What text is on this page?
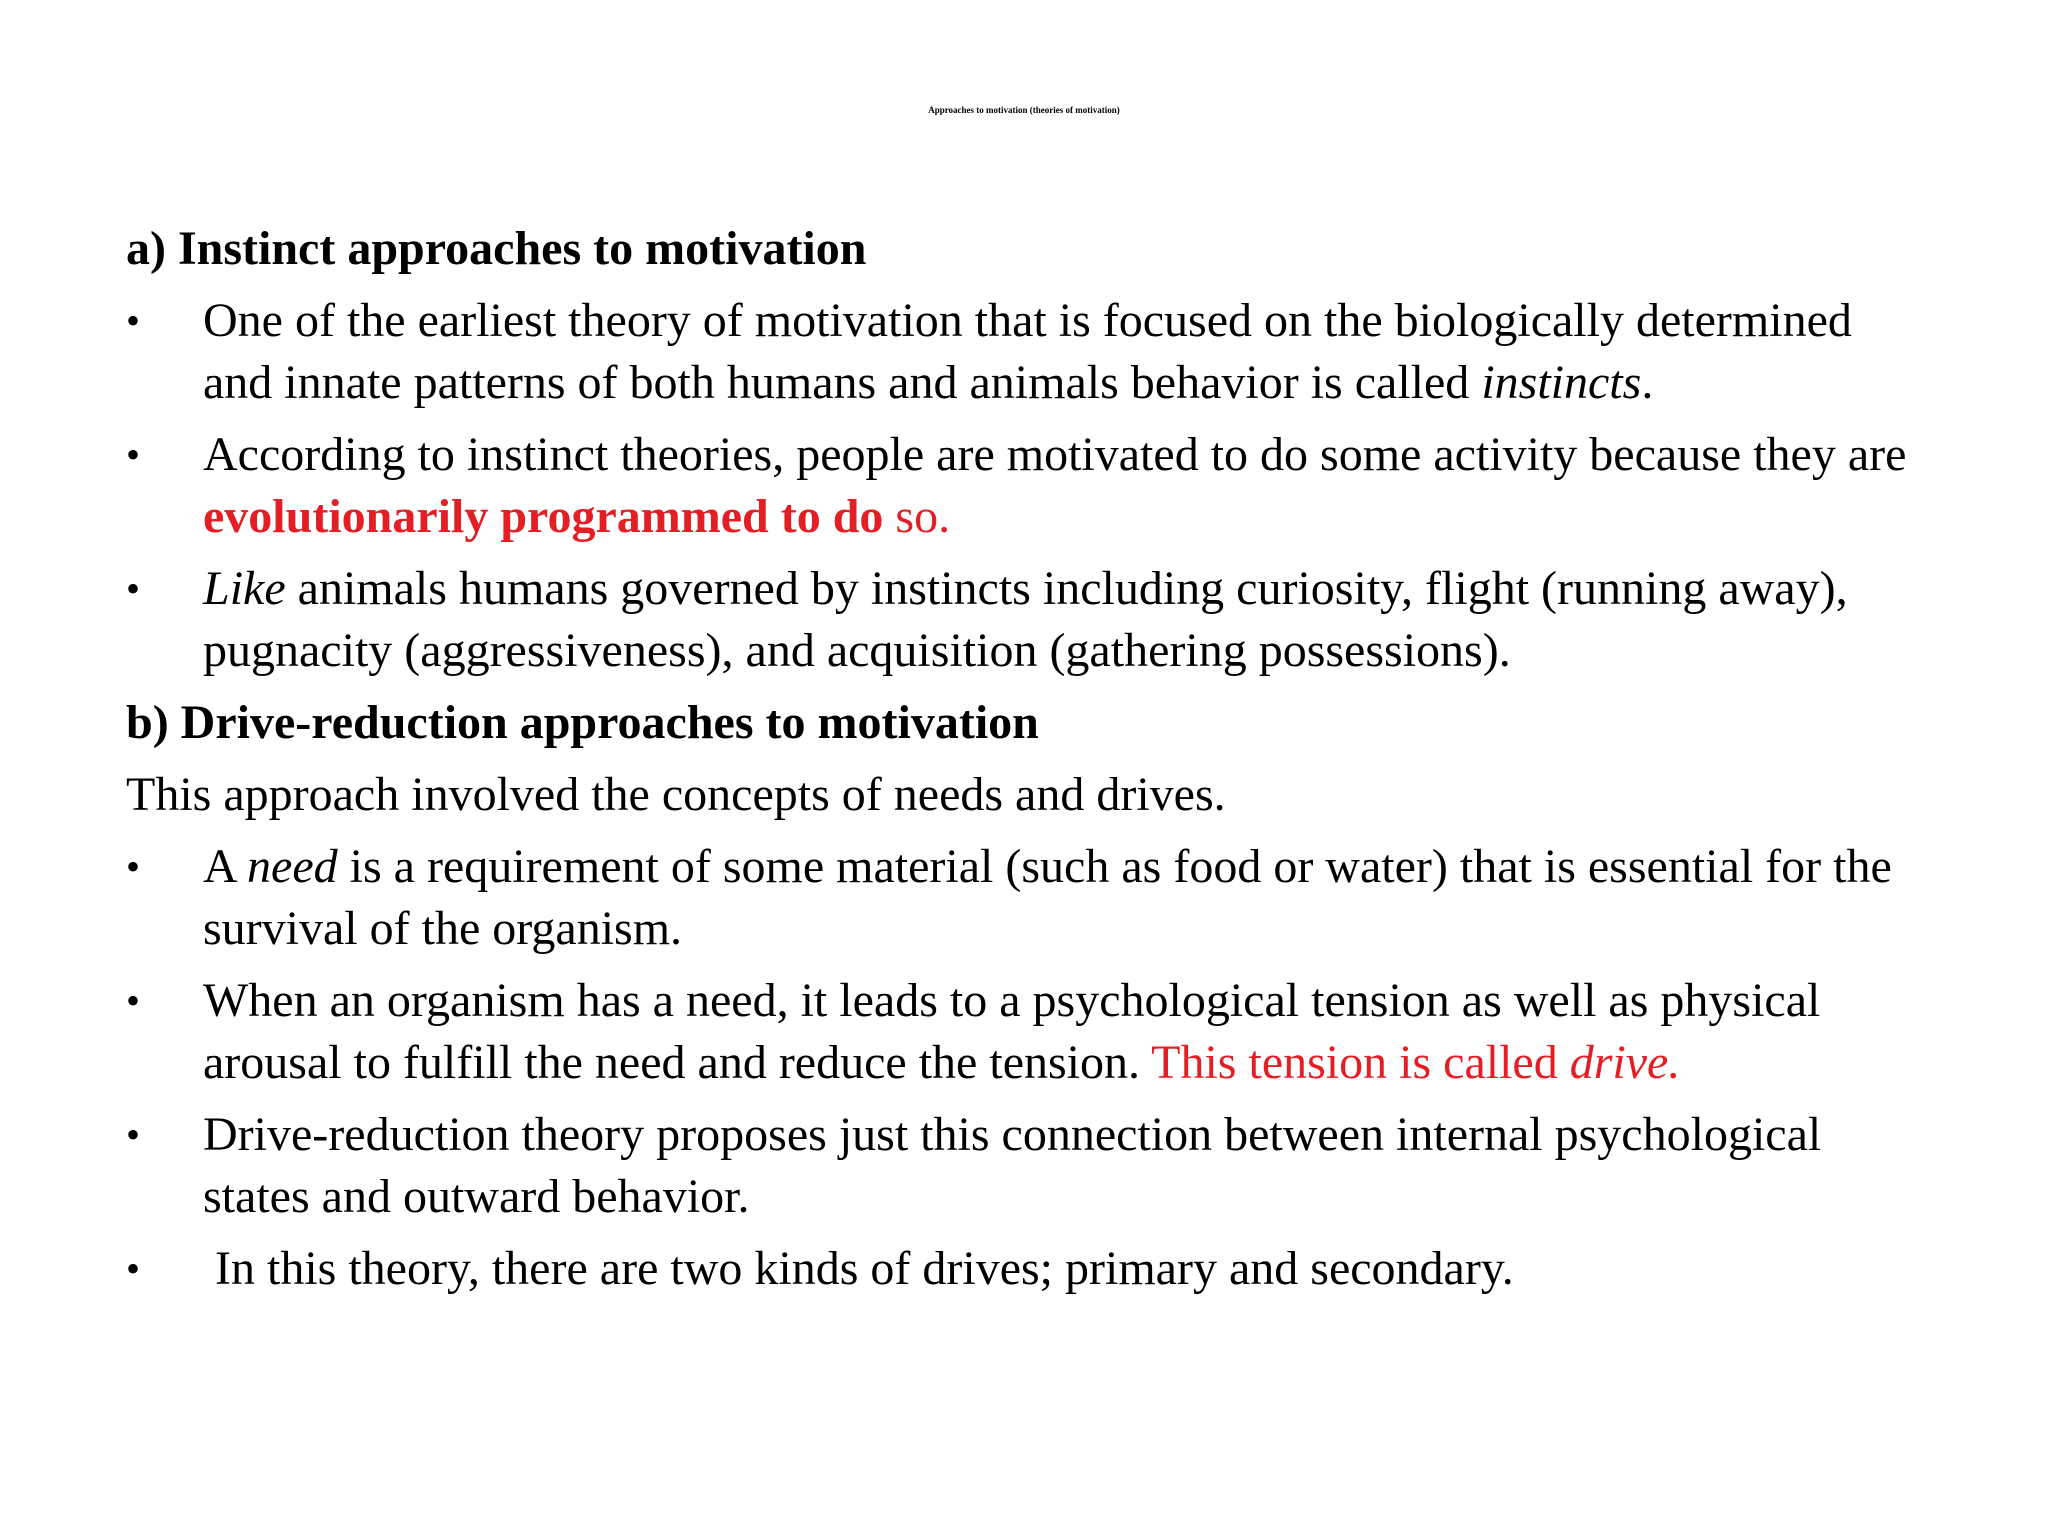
Approaches to motivation (theories of motivation)
a) Instinct approaches to motivation
•	One of the earliest theory of motivation that is focused on the biologically determined and innate patterns of both humans and animals behavior is called instincts.
•	According to instinct theories, people are motivated to do some activity because they are evolutionarily programmed to do so.
•	Like animals humans governed by instincts including curiosity, flight (running away), pugnacity (aggressiveness), and acquisition (gathering possessions).
b) Drive-reduction approaches to motivation

This approach involved the concepts of needs and drives.

•	A need is a requirement of some material (such as food or water) that is essential for the survival of the organism.
•	When an organism has a need, it leads to a psychological tension as well as physical arousal to fulfill the need and reduce the tension. This tension is called drive.
•	Drive-reduction theory proposes just this connection between internal psychological states and outward behavior.
•	In this theory, there are two kinds of drives; primary and secondary.
